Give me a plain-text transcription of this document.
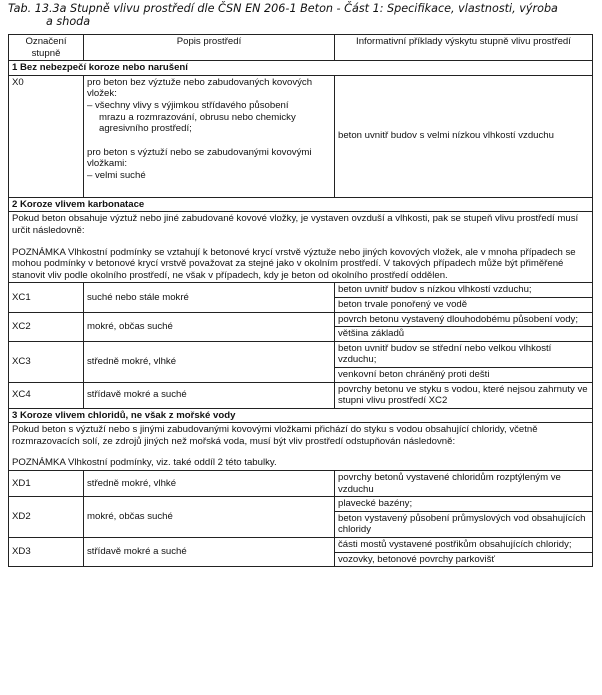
Tab. 13.3a Stupně vlivu prostředí dle ČSN EN 206-1 Beton - Část 1: Specifikace, vlastnosti, výroba
a shoda
Označení stupně	Popis prostředí	Informativní příklady výskytu stupně vlivu prostředí
1 Bez nebezpečí koroze nebo narušení		
X0	pro beton bez výztuže nebo zabudovaných kovových vložek:
– všechny vlivy s výjimkou střídavého působení
mrazu a rozmrazování, obrusu nebo chemicky agresivního prostředí;
pro beton s výztuží nebo se zabudovanými kovovými vložkami:
– velmi suché	beton uvnitř budov s velmi nízkou vlhkostí vzduchu
2 Koroze vlivem karbonatace		

Pokud beton obsahuje výztuž nebo jiné zabudované kovové vložky, je vystaven ovzduší a vlhkosti, pak se stupeň vlivu prostředí musí určit následovně:
POZNÁMKA Vlhkostní podmínky se vztahují k betonové krycí vrstvě výztuže nebo jiných kovových vložek, ale v mnoha případech se mohou podmínky v betonové krycí vrstvě považovat za stejné jako v okolním prostředí. V takových případech může být přiměřené stanovit vliv podle okolního prostředí, ne však v případech, kdy je beton od okolního prostředí oddělen.		

XC1	suché nebo stále mokré	beton uvnitř budov s nízkou vlhkostí vzduchu;
beton trvale ponořený ve vodě

XC2	mokré, občas suché	povrch betonu vystavený dlouhodobému působení vody;
většina základů

XC3	středně mokré, vlhké	beton uvnitř budov se střední nebo velkou vlhkostí vzduchu;
venkovní beton chráněný proti dešti

XC4	střídavě mokré a suché	povrchy betonu ve styku s vodou, které nejsou zahrnuty ve stupni vlivu prostředí XC2

3 Koroze vlivem chloridů, ne však z mořské vody		

Pokud beton s výztuží nebo s jinými zabudovanými kovovými vložkami přichází do styku s vodou obsahující chloridy, včetně rozmrazovacích solí, ze zdrojů jiných než mořská voda, musí být vliv prostředí odstupňován následovně:
POZNÁMKA Vlhkostní podmínky, viz. také oddíl 2 této tabulky.		

XD1	středně mokré, vlhké	povrchy betonů vystavené chloridům rozptýleným ve vzduchu

XD2	mokré, občas suché	plavecké bazény;
beton vystavený působení průmyslových vod obsahujících chloridy

XD3	střídavě mokré a suché	části mostů vystavené postřikům obsahujících chloridy;
vozovky, betonové povrchy parkovišť
